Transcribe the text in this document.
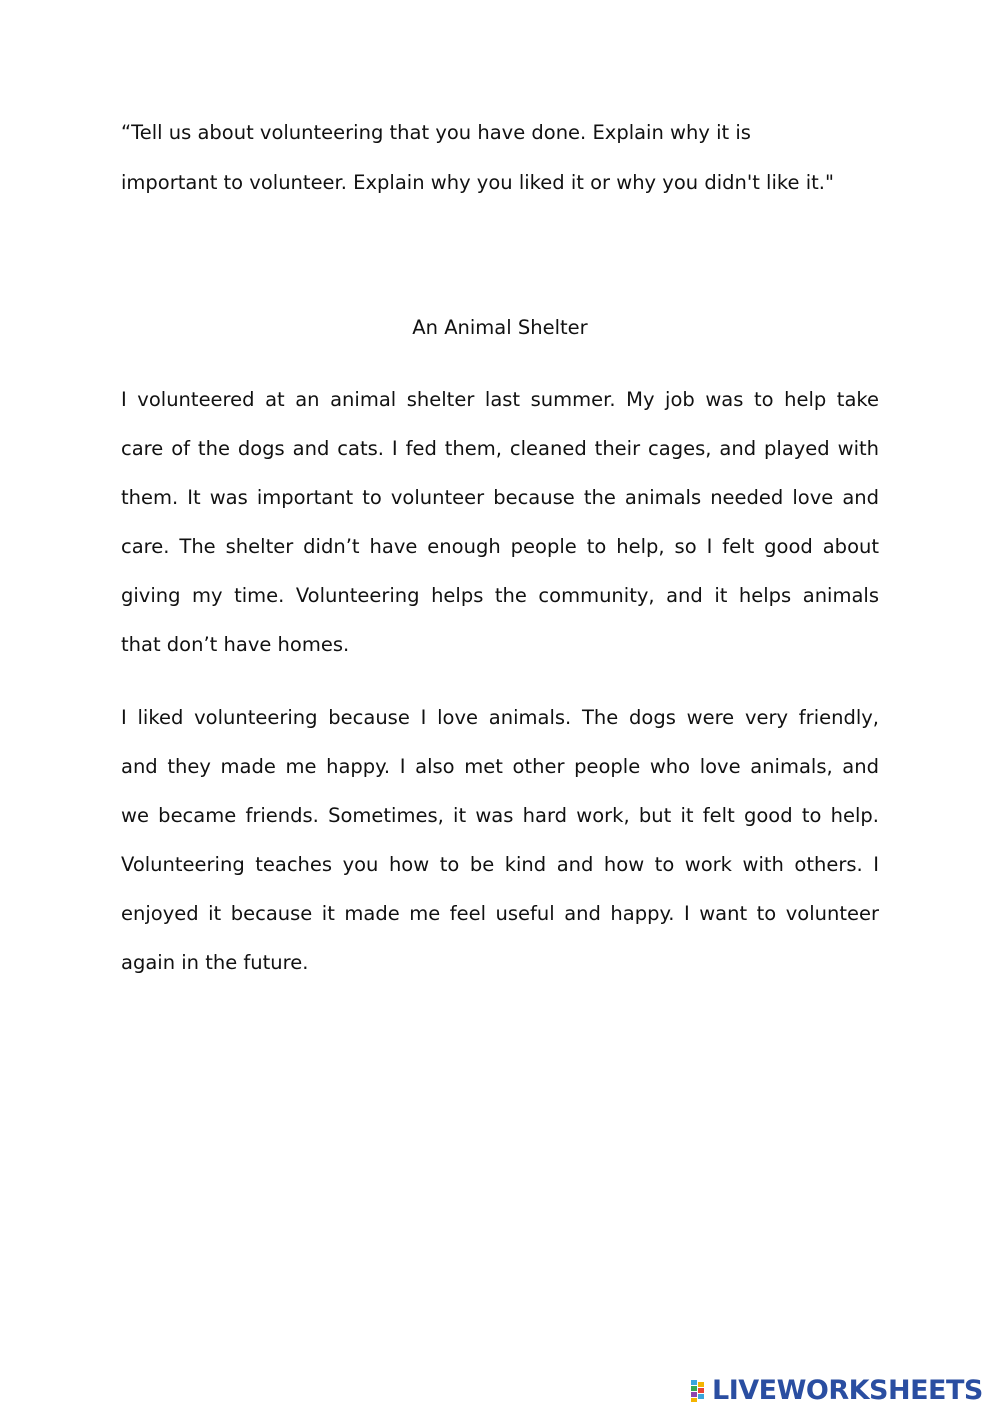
“Tell us about volunteering that you have done. Explain why it is

important to volunteer. Explain why you liked it or why you didn't like it."

An Animal Shelter

I volunteered at an animal shelter last summer. My job was to help take

care of the dogs and cats. I fed them, cleaned their cages, and played with

them. It was important to volunteer because the animals needed love and

care. The shelter didn’t have enough people to help, so I felt good about

giving my time. Volunteering helps the community, and it helps animals

that don’t have homes.

I liked volunteering because I love animals. The dogs were very friendly,

and they made me happy. I also met other people who love animals, and

we became friends. Sometimes, it was hard work, but it felt good to help.

Volunteering teaches you how to be kind and how to work with others. I

enjoyed it because it made me feel useful and happy. I want to volunteer

again in the future.

LIVEWORKSHEETS
